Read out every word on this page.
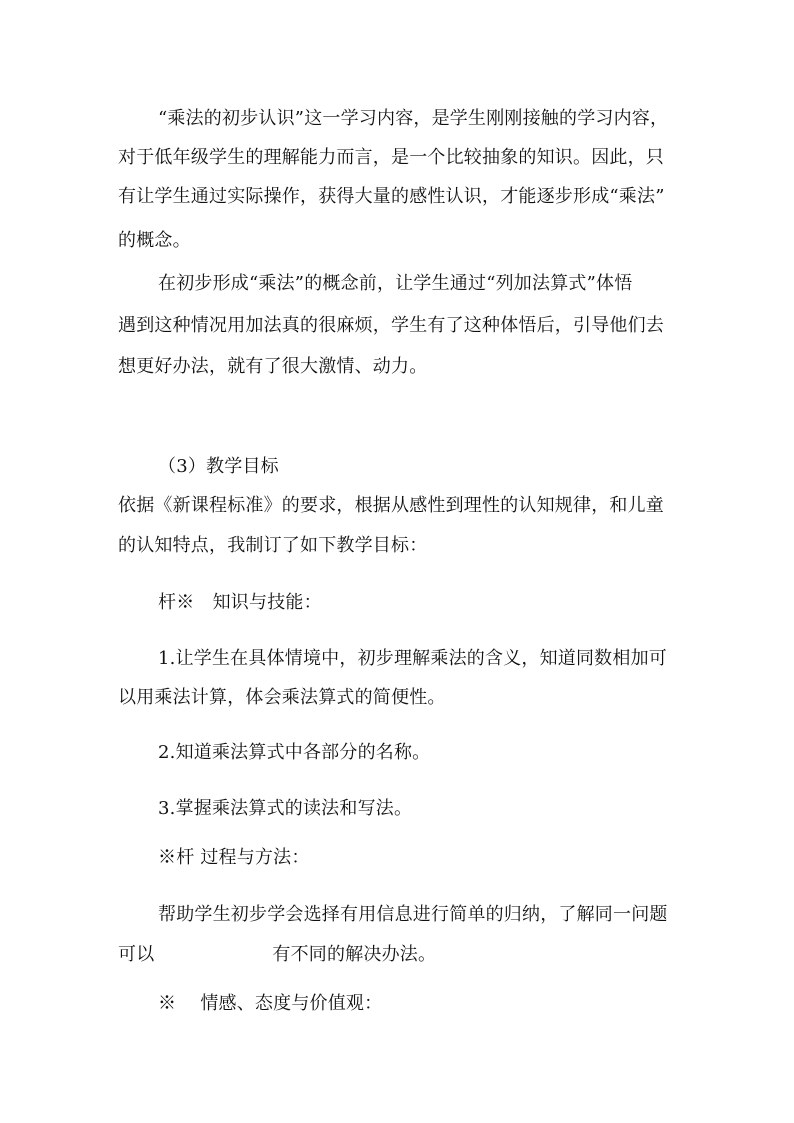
“乘法的初步认识”这一学习内容，是学生刚刚接触的学习内容，
对于低年级学生的理解能力而言，是一个比较抽象的知识。因此，只
有让学生通过实际操作，获得大量的感性认识，才能逐步形成“乘法”
的概念。
在初步形成“乘法”的概念前，让学生通过“列加法算式”体悟
遇到这种情况用加法真的很麻烦，学生有了这种体悟后，引导他们去
想更好办法，就有了很大激情、动力。
（3）教学目标
依据《新课程标准》的要求，根据从感性到理性的认知规律，和儿童
的认知特点，我制订了如下教学目标：
杆※　知识与技能：
1.让学生在具体情境中，初步理解乘法的含义，知道同数相加可
以用乘法计算，体会乘法算式的简便性。
2.知道乘法算式中各部分的名称。
3.掌握乘法算式的读法和写法。
※杆 过程与方法：
帮助学生初步学会选择有用信息进行简单的归纳，了解同一问题
可以	有不同的解决办法。
※　 情感、态度与价值观：
